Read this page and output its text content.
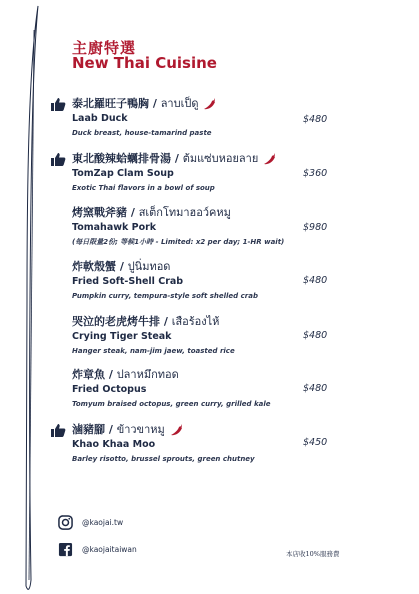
主廚特選
New Thai Cuisine
泰北羅旺子鴨胸 / ลาบเป็ดู
Laab Duck
Duck breast, house-tamarind paste
$480
東北酸辣蛤蠣排骨湯 / ต้มแซ่บหอยลาย
TomZap Clam Soup
Exotic Thai flavors in a bowl of soup
$360
烤窯戰斧豬 / สเต็กโทมาฮอว์คหมู
Tomahawk Pork
(每日限量2份; 等候1小時 - Limited: x2 per day; 1-HR wait)
$980
炸軟殼蟹 / ปูนิ่มทอด
Fried Soft-Shell Crab
Pumpkin curry, tempura-style soft shelled crab
$480
哭泣的老虎烤牛排 / เสือร้องไห้
Crying Tiger Steak
Hanger steak, nam-jim jaew, toasted rice
$480
炸章魚 / ปลาหมึกทอด
Fried Octopus
Tomyum braised octopus, green curry, grilled kale
$480
滷豬腳 / ข้าวขาหมู
Khao Khaa Moo
Barley risotto, brussel sprouts, green chutney
$450
@kaojai.tw
@kaojaitaiwan	本店收10%服務費
